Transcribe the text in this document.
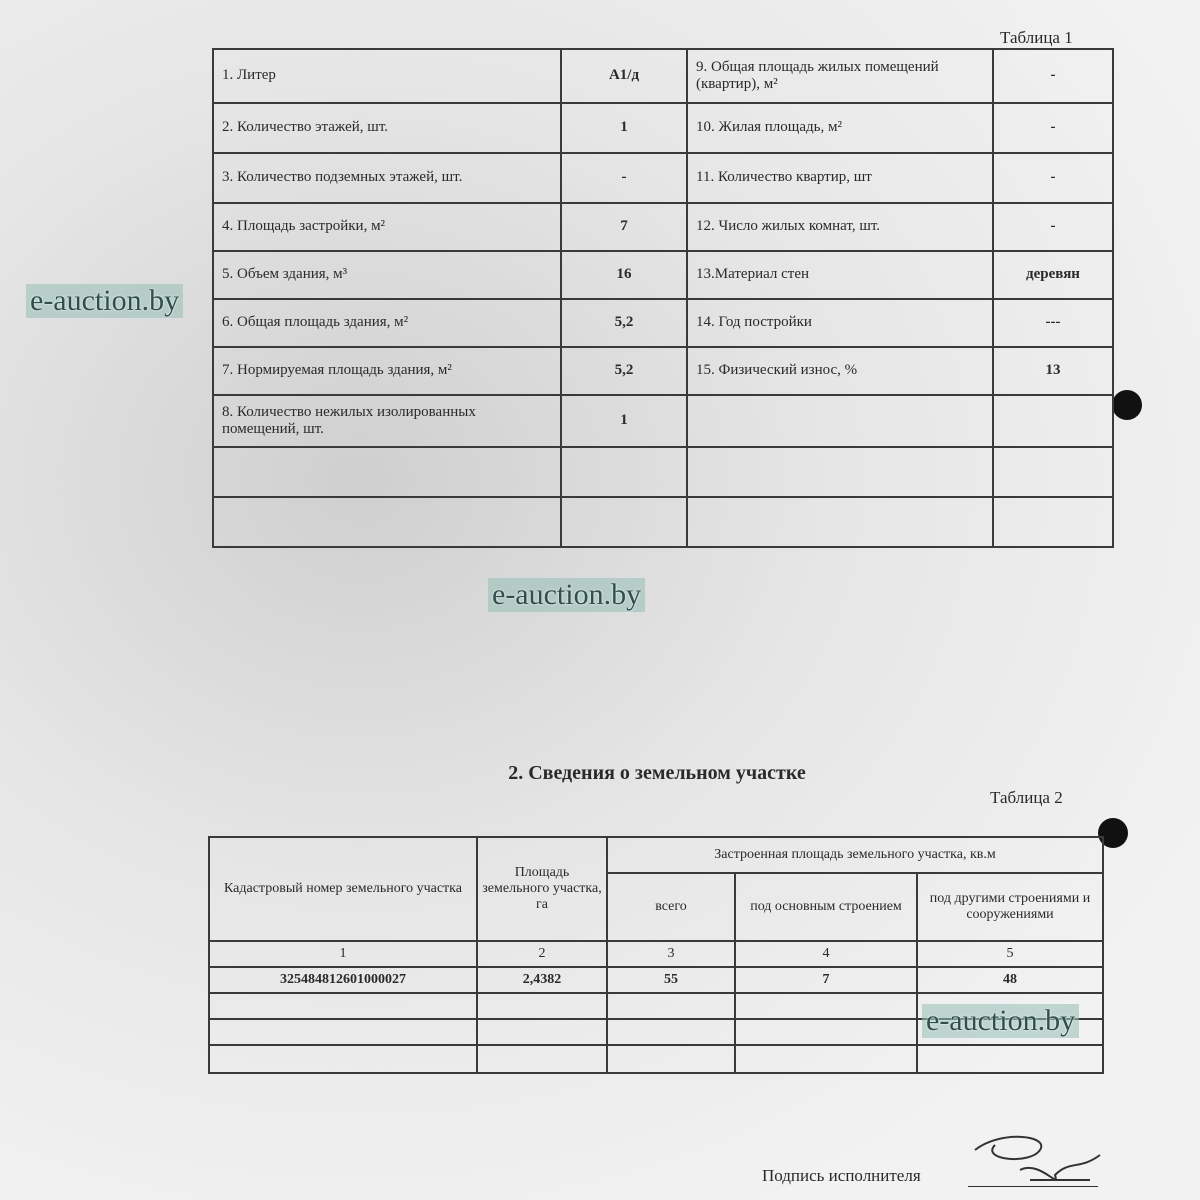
Таблица 1
1. Литер	А1/д	9. Общая площадь жилых помещений (квартир), м²	-
2. Количество этажей, шт.	1	10. Жилая площадь, м²	-
3. Количество подземных этажей, шт.	-	11. Количество квартир, шт	-
4. Площадь застройки, м²	7	12. Число жилых комнат, шт.	-
5. Объем здания, м³	16	13.Материал стен	деревян
6. Общая площадь здания, м²	5,2	14. Год постройки	---
7. Нормируемая площадь здания, м²	5,2	15. Физический износ, %	13
8. Количество нежилых изолированных помещений, шт.	1		

2. Сведения о земельном участке
Таблица 2
Кадастровый номер земельного участка	Площадь земельного участка, га	Застроенная площадь земельного участка, кв.м		
		всего	под основным строением	под другими строениями и сооружениями
1	2	3	4	5
325484812601000027	2,4382	55	7	48

e-auction.by
e-auction.by
e-auction.by
Подпись исполнителя
